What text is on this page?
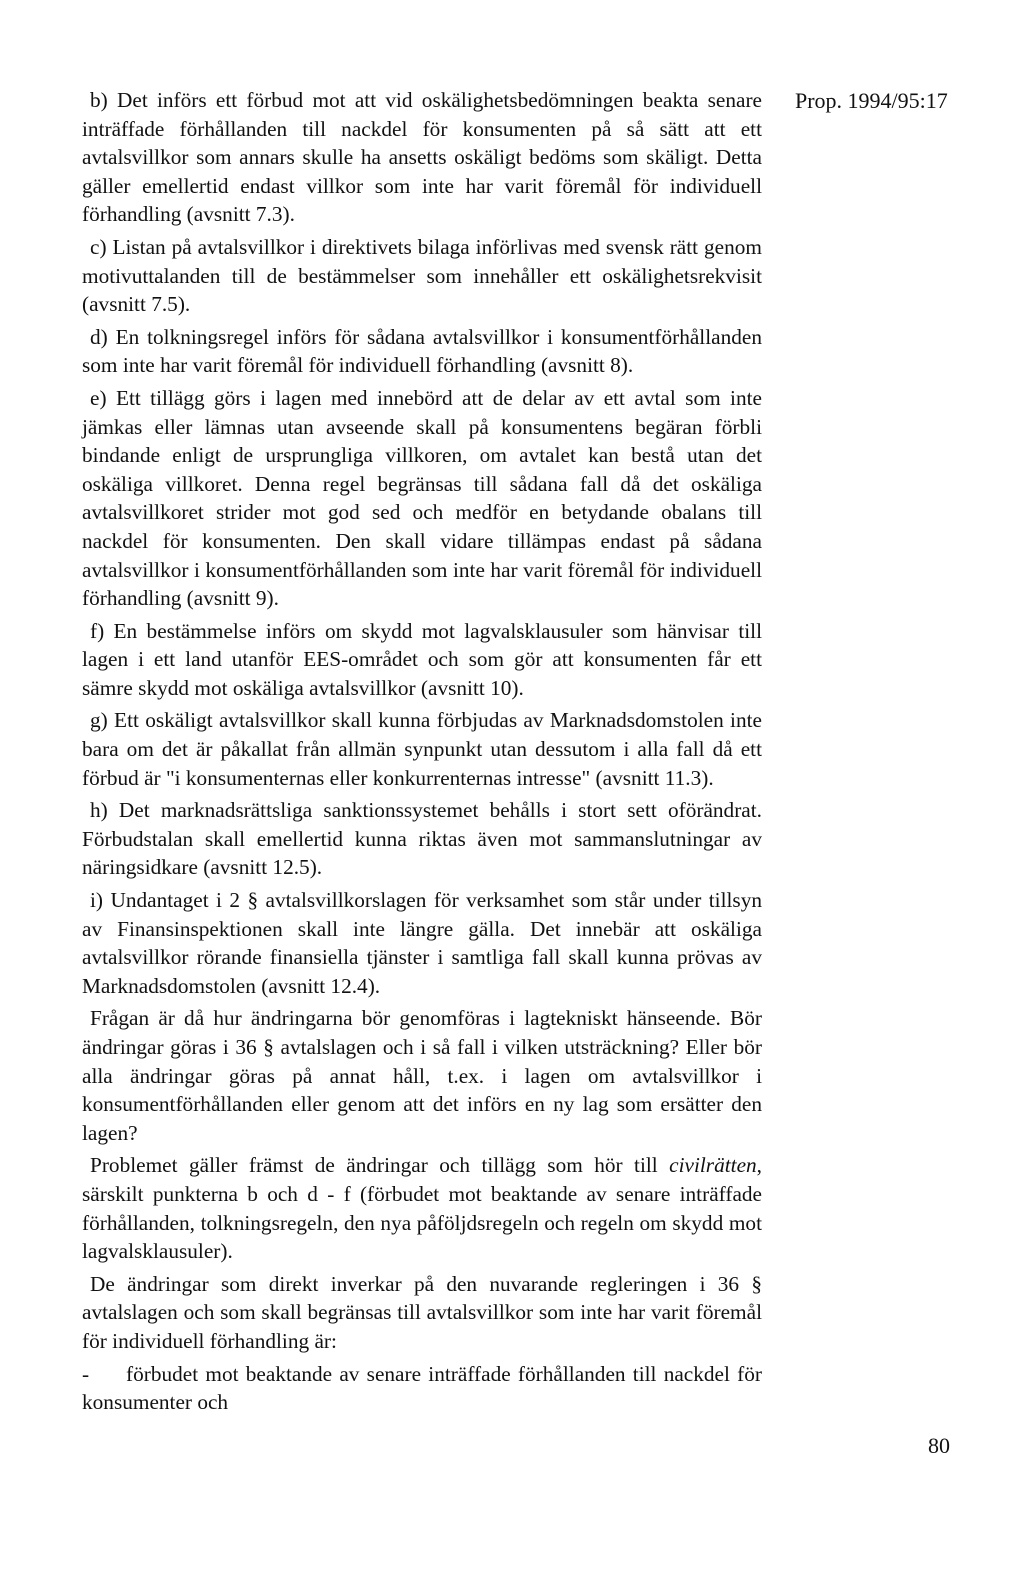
Prop. 1994/95:17

b) Det införs ett förbud mot att vid oskälighetsbedömningen beakta senare inträffade förhållanden till nackdel för konsumenten på så sätt att ett avtalsvillkor som annars skulle ha ansetts oskäligt bedöms som skäligt. Detta gäller emellertid endast villkor som inte har varit föremål för individuell förhandling (avsnitt 7.3).

c) Listan på avtalsvillkor i direktivets bilaga införlivas med svensk rätt genom motivuttalanden till de bestämmelser som innehåller ett oskälighetsrekvisit (avsnitt 7.5).

d) En tolkningsregel införs för sådana avtalsvillkor i konsumentförhållanden som inte har varit föremål för individuell förhandling (avsnitt 8).

e) Ett tillägg görs i lagen med innebörd att de delar av ett avtal som inte jämkas eller lämnas utan avseende skall på konsumentens begäran förbli bindande enligt de ursprungliga villkoren, om avtalet kan bestå utan det oskäliga villkoret. Denna regel begränsas till sådana fall då det oskäliga avtalsvillkoret strider mot god sed och medför en betydande obalans till nackdel för konsumenten. Den skall vidare tillämpas endast på sådana avtalsvillkor i konsumentförhållanden som inte har varit föremål för individuell förhandling (avsnitt 9).

f) En bestämmelse införs om skydd mot lagvalsklausuler som hänvisar till lagen i ett land utanför EES-området och som gör att konsumenten får ett sämre skydd mot oskäliga avtalsvillkor (avsnitt 10).

g) Ett oskäligt avtalsvillkor skall kunna förbjudas av Marknadsdomstolen inte bara om det är påkallat från allmän synpunkt utan dessutom i alla fall då ett förbud är "i konsumenternas eller konkurrenternas intresse" (avsnitt 11.3).

h) Det marknadsrättsliga sanktionssystemet behålls i stort sett oförändrat. Förbudstalan skall emellertid kunna riktas även mot sammanslutningar av näringsidkare (avsnitt 12.5).

i) Undantaget i 2 § avtalsvillkorslagen för verksamhet som står under tillsyn av Finansinspektionen skall inte längre gälla. Det innebär att oskäliga avtalsvillkor rörande finansiella tjänster i samtliga fall skall kunna prövas av Marknadsdomstolen (avsnitt 12.4).

Frågan är då hur ändringarna bör genomföras i lagtekniskt hänseende. Bör ändringar göras i 36 § avtalslagen och i så fall i vilken utsträckning? Eller bör alla ändringar göras på annat håll, t.ex. i lagen om avtalsvillkor i konsumentförhållanden eller genom att det införs en ny lag som ersätter den lagen?

Problemet gäller främst de ändringar och tillägg som hör till civilrätten, särskilt punkterna b och d - f (förbudet mot beaktande av senare inträffade förhållanden, tolkningsregeln, den nya påföljdsregeln och regeln om skydd mot lagvalsklausuler).

De ändringar som direkt inverkar på den nuvarande regleringen i 36 § avtalslagen och som skall begränsas till avtalsvillkor som inte har varit föremål för individuell förhandling är:

- förbudet mot beaktande av senare inträffade förhållanden till nackdel för konsumenter och

80
